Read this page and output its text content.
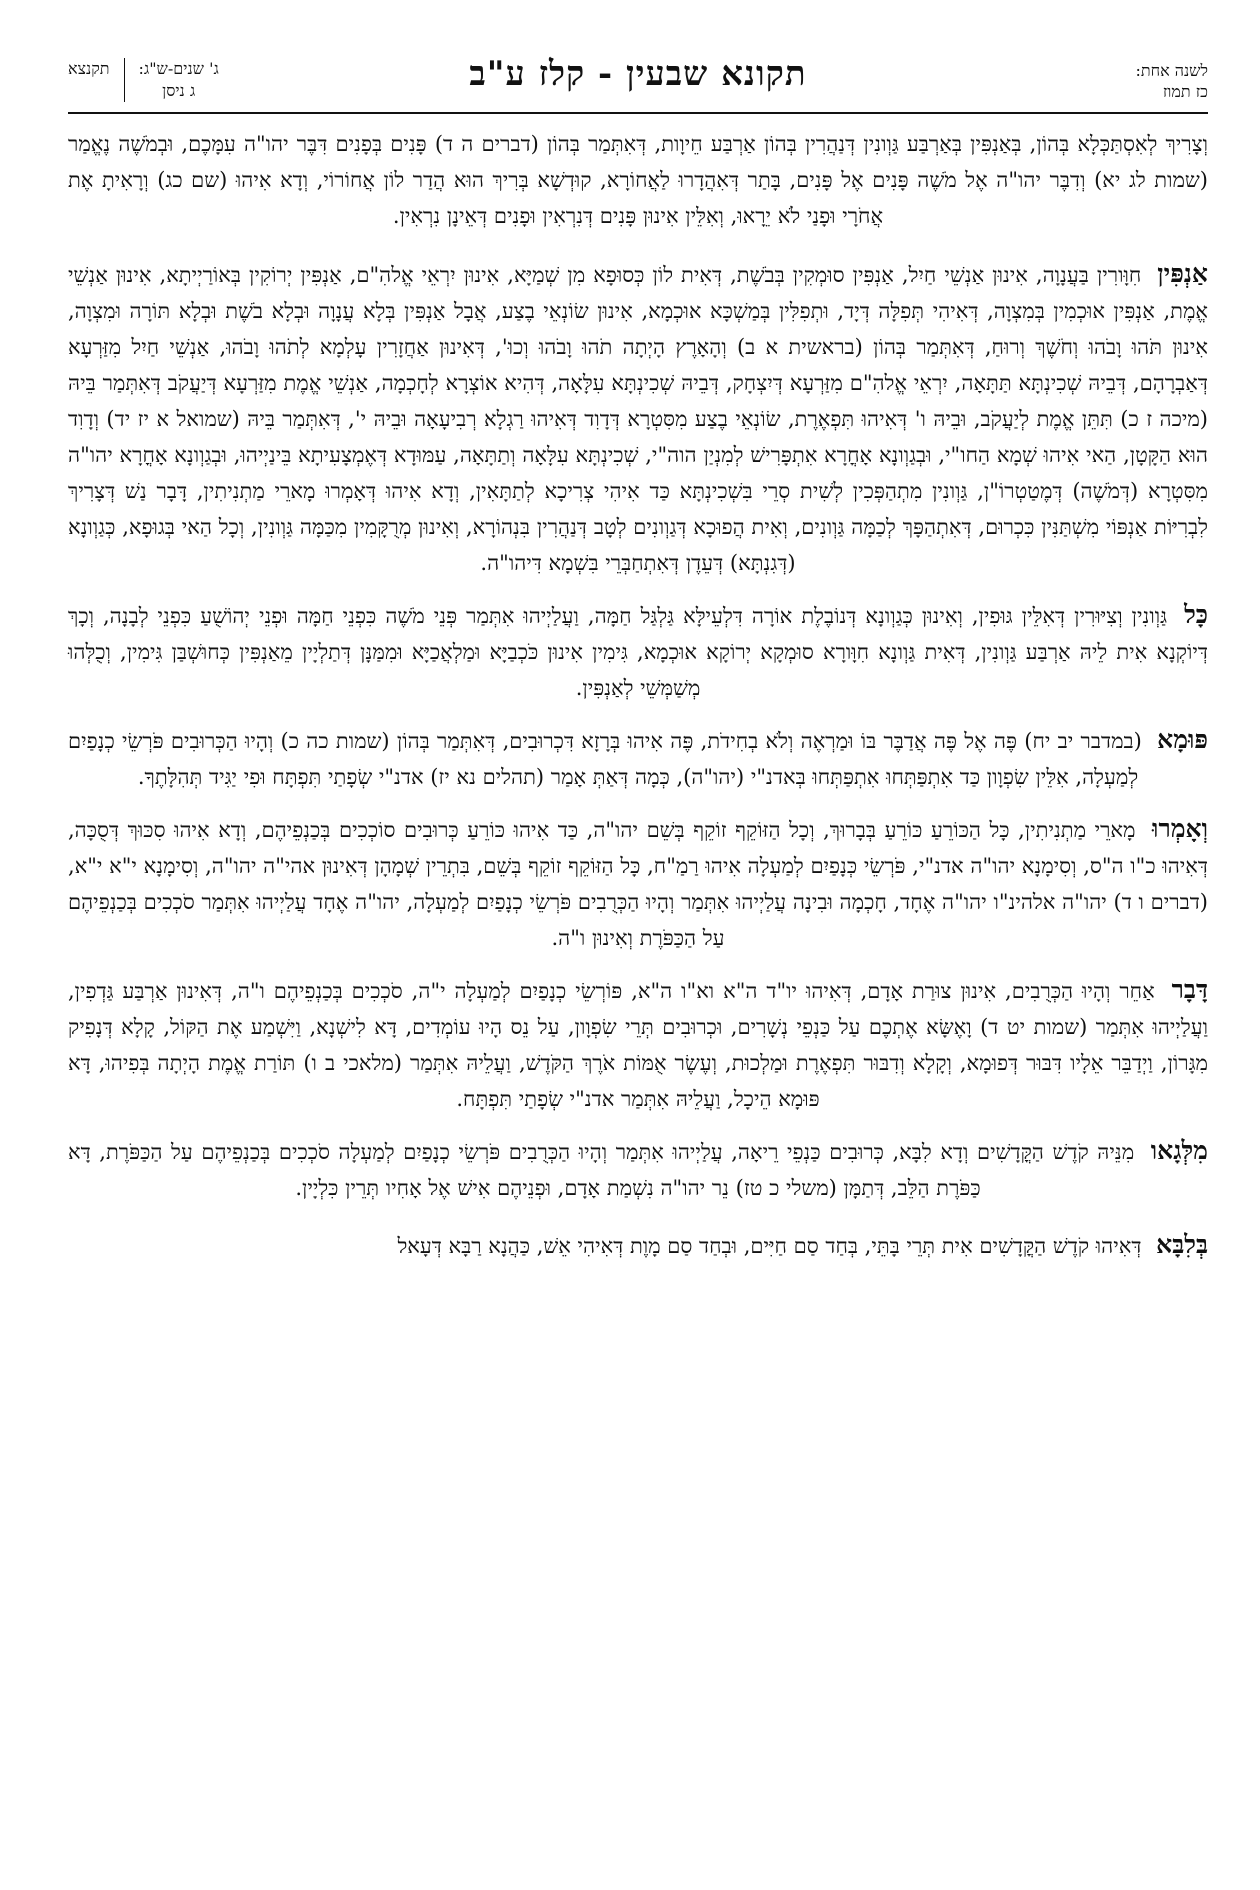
לשנה אחת:
כז תמוז
תקונא שבעין - קלז ע"ב
ג' שנים-ש"ג:
ג ניסן
תקנצא

וְצָרִיךְ לְאִסְתַּכְּלָא בְּהוֹן, בְּאַנְפִּין בְּאַרְבַּע גַּוְונִין דְּנַהֲרִין בְּהוֹן אַרְבַּע חֵיוָות, דְּאִתְּמַר בְּהוֹן (דברים ה ד) פָּנִים בְּפָנִים דִּבֶּר יהו"ה עִמָּכֶם, וּבְמֹשֶׁה נֶאֱמַר (שמות לג יא) וְדִבֶּר יהו"ה אֶל מֹשֶׁה פָּנִים אֶל פָּנִים, בָּתַר דְּאִהֲדָרוּ לַאֲחוֹרָא, קוּדְשָׁא בְּרִיךְ הוּא הֲדַר לוֹן אֲחוֹרוֹי, וְדָא אִיהוּ (שם כג) וְרָאִיתָ אֶת אֲחֹרָי וּפָנַי לֹא יֵרָאוּ, וְאִלֵּין אִינוּן פָּנִים דְּנִרְאִין וּפָנִים דְּאֵינָן נִרְאִין.

אַנְפִּין חִוָּורִין בַּעֲנָוָה, אִינוּן אַנְשֵׁי חַיִל, אַנְפִּין סוּמְקִין בְּבֹשֶׁת, דְּאִית לוֹן כְּסוּפָא מִן שְׁמַיָּא, אִינוּן יִרְאֵי אֱלהִ"ם, אַנְפִּין יְרוֹקִין בְּאוֹרַיְיתָא, אִינוּן אַנְשֵׁי אֱמֶת, אַנְפִּין אוּכְמִין בְּמִצְוָה, דְּאִיהִי תְּפִלָּה דְּיָד, וּתְפִלִּין בְּמַשְׁכָּא אוּכְמָא, אִינוּן שׂוֹנְאֵי בֶצַע, אֲבָל אַנְפִּין בְּלָא עֲנָוָה וּבְלָא בֹשֶׁת וּבְלָא תּוֹרָה וּמִצְוָה, אִינוּן תֹּהוּ וָבֹהוּ וְחֹשֶׁךְ וְרוּחַ, דְּאִתְּמַר בְּהוֹן (בראשית א ב) וְהָאָרֶץ הָיְתָה תֹהוּ וָבֹהוּ וְכוּ', דְּאִינוּן אַחֲזָרִין עָלְמָא לְתֹהוּ וָבֹהוּ, אַנְשֵׁי חַיִל מִזַּרְעָא דְּאַבְרָהָם, דְּבֵיהּ שְׁכִינְתָּא תַּתָּאָה, יִרְאֵי אֱלהִ"ם מִזַּרְעָא דְּיִצְחָק, דְּבֵיהּ שְׁכִינְתָּא עִלָּאָה, דְּהִיא אוֹצְרָא לְחָכְמָה, אַנְשֵׁי אֱמֶת מִזַּרְעָא דְּיַעֲקֹב דְּאִתְּמַר בֵּיהּ (מיכה ז כ) תִּתֵּן אֱמֶת לְיַעֲקֹב, וּבֵיהּ ו' דְּאִיהוּ תִּפְאֶרֶת, שׂוֹנְאֵי בֶצַע מִסִּטְרָא דְּדָוִד דְּאִיהוּ רַגְלָא רְבִיעָאָה וּבֵיהּ י', דְּאִתְּמַר בֵּיהּ (שמואל א יז יד) וְדָוִד הוּא הַקָּטָן, הַאי אִיהוּ שְׁמָא הַחו"י, וּבְגַוְונָא אָחֳרָא אִתְפָּרִישׁ לְמִנְיַן הוה"י, שְׁכִינְתָּא עִלָּאָה וְתַתָּאָה, עַמּוּדָא דְּאֶמְצָעִיתָא בֵּינַיְיהוּ, וּבְגַוְונָא אָחֳרָא יהו"ה מִסִּטְרָא (דְּמֹשֶׁה) דְּמֶטַטְרוֹ"ן, גַּוְונִין מִתְהַפְּכִין לְשִׁית סְרֵי בִּשְׁכִינְתָּא כַּד אִיהִי צְרִיכָא לְתַתָּאִין, וְדָא אִיהוּ דְּאָמְרוּ מָארֵי מַתְנִיתִין, דָּבָר נַשׁ דְּצָרִיךְ לִבְרִיּוֹת אַנְפּוֹי מִשְׁתַּנִּין כִּכְרוּם, דְּאִתְהַפָּךְ לְכַמָּה גַּוְונִים, וְאִית הֲפוּכָא דְּגַוְונִים לְטָב דְּנַהֲרִין בִּנְהוֹרָא, וְאִינוּן מְרֻקָּמִין מִכַּמָּה גַּוְונִין, וְכָל הַאי בְּגוּפָא, כְּגַוְונָא (דְּגִנְתָּא) דְּעֵדֶן דְּאִתְחַבְּרֵי בִּשְׁמָא דִּיהו"ה.

כָּל גַּוְונִין וְצִיּוּרִין דְּאִלֵּין גּוּפִין, וְאִינוּן כְּגַוְונָא דְּנוֹבֶלֶת אוֹרָה דִּלְעֵילָּא גַּלְגַּל חַמָּה, וַעֲלַיְיהוּ אִתְּמַר פְּנֵי מֹשֶׁה כִּפְנֵי חַמָּה וּפְנֵי יְהוֹשֻׁעַ כִּפְנֵי לְבָנָה, וְכָךְ דְּיוֹקְנָא אִית לֵיהּ אַרְבַּע גַּוְונִין, דְּאִית גַּוְונָא חִוָּורָא סוּמְקָא יְרוֹקָא אוּכְמָא, גִּימִין אִינוּן כֹּכְבַיָּא וּמַלְאֲכַיָּא וּמִמַּנָּן דְּתַלְיָין מֵאַנְפִּין כְּחוּשְׁבַּן גִּימִין, וְכֻלְּהוּ מְשַׁמְּשֵׁי לְאַנְפִּין.

פּוּמָא (במדבר יב יח) פֶּה אֶל פֶּה אֲדַבֶּר בּוֹ וּמַרְאֶה וְלֹא בְחִידֹת, פֶּה אִיהוּ בְּרָזָא דִּכְרוּבִים, דְּאִתְּמַר בְּהוֹן (שמות כה כ) וְהָיוּ הַכְּרוּבִים פֹּרְשֵׂי כְנָפַיִם לְמַעְלָה, אִלֵּין שִׂפְוָון כַּד אִתְפַּתְּחוּ אִתְפַּתְּחוּ בְּאדנ"י (יהו"ה), כְּמָה דְּאַתְּ אָמַר (תהלים נא יז) אדנ"י שְׂפָתַי תִּפְתָּח וּפִי יַגִּיד תְּהִלָּתֶךָ.

וְאָמְרוּ מָארֵי מַתְנִיתִין, כָּל הַכּוֹרֵעַ כּוֹרֵעַ בְּבָרוּךְ, וְכָל הַזּוֹקֵף זוֹקֵף בְּשֵׁם יהו"ה, כַּד אִיהוּ כּוֹרֵעַ כְּרוּבִים סוֹכְכִים בְּכַנְפֵיהֶם, וְדָא אִיהוּ סִכּוּךְ דְּסֻכָּה, דְּאִיהוּ כ"ו ה"ס, וְסִימָנָא יהו"ה אדנ"י, פֹּרְשֵׂי כְּנָפַיִם לְמַעְלָה אִיהוּ רַמַ"ח, כָּל הַזּוֹקֵף זוֹקֵף בְּשֵׁם, בִּתְרֵין שְׁמָהָן דְּאִינוּן אהי"ה יהו"ה, וְסִימָנָא י"א י"א, (דברים ו ד) יהו"ה אלהינ"ו יהו"ה אֶחָד, חָכְמָה וּבִינָה עֲלַיְיהוּ אִתְּמַר וְהָיוּ הַכְּרֻבִים פֹּרְשֵׂי כְנָפַיִם לְמַעְלָה, יהו"ה אֶחָד עֲלַיְיהוּ אִתְּמַר סֹכְכִים בְּכַנְפֵיהֶם עַל הַכַּפֹּרֶת וְאִינוּן ו"ה.

דָּבָר אַחֵר וְהָיוּ הַכְּרֻבִים, אִינוּן צוּרַת אָדָם, דְּאִיהוּ יו"ד ה"א וא"ו ה"א, פּוֹרְשֵׂי כְנָפַיִם לְמַעְלָה י"ה, סֹכְכִים בְּכַנְפֵיהֶם ו"ה, דְּאִינוּן אַרְבַּע גַּדְפִין, וַעֲלַיְיהוּ אִתְּמַר (שמות יט ד) וָאֶשָּׂא אֶתְכֶם עַל כַּנְפֵי נְשָׁרִים, וּכְרוּבִים תְּרֵי שִׂפְוָון, עַל נֵס הָיוּ עוֹמְדִים, דָּא לִישְׁנָא, וַיִּשְׁמַע אֶת הַקּוֹל, קָלָא דְּנָפִיק מִגָּרוֹן, וַיְדַבֵּר אֵלָיו דִּבּוּר דְּפוּמָא, וְקָלָא וְדִבּוּר תִּפְאֶרֶת וּמַלְכוּת, וְעֶשֶׂר אֻמּוֹת אֹרֶךְ הַקֹּדֶשׁ, וַעֲלֵיהּ אִתְּמַר (מלאכי ב ו) תּוֹרַת אֱמֶת הָיְתָה בְּפִיהוּ, דָּא פּוּמָא הֵיכָל, וַעֲלֵיהּ אִתְּמַר אדנ"י שְׂפָתַי תִּפְתָּח.

מִלְּגָאו מִנֵּיהּ קֹדֶשׁ הַקֳּדָשִׁים וְדָא לִבָּא, כְּרוּבִים כַּנְפֵי רֵיאָה, עֲלַיְיהוּ אִתְּמַר וְהָיוּ הַכְּרֻבִים פֹּרְשֵׂי כְנָפַיִם לְמַעְלָה סֹכְכִים בְּכַנְפֵיהֶם עַל הַכַּפֹּרֶת, דָּא כַּפֹּרֶת הַלֵּב, דְּתַמָּן (משלי כ טז) נֵר יהו"ה נִשְׁמַת אָדָם, וּפְנֵיהֶם אִישׁ אֶל אָחִיו תְּרֵין כִּלְיָין.

בְּלִבָּא דְּאִיהוּ קֹדֶשׁ הַקֳּדָשִׁים אִית תְּרֵי בָּתֵּי, בְּחַד סַם חַיִּים, וּבְחַד סַם מָוֶת דְּאִיהִי אֵשׁ, כַּהֲנָא רַבָּא דְּעָאל
